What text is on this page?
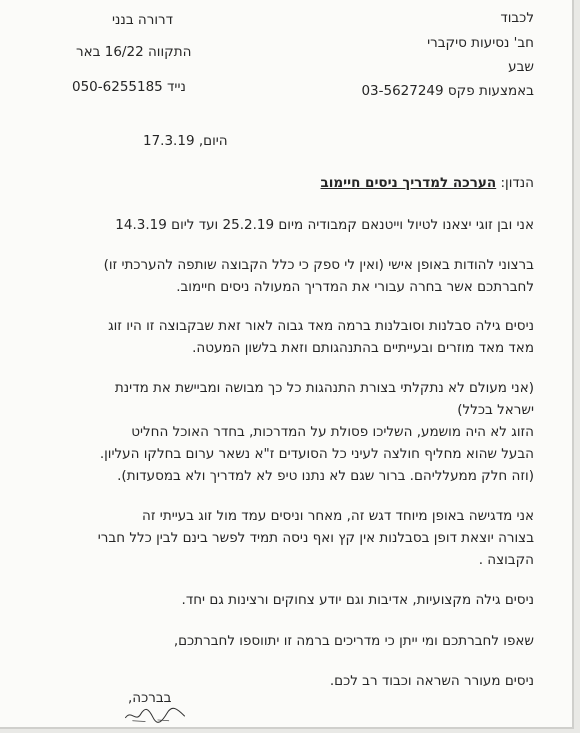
לכבוד
חב' נסיעות סיקברי
שבע
באמצעות פקס 03-5627249
דרורה בנני
התקווה 16/22 באר
נייד 050-6255185
היום, 17.3.19
הנדון: הערכה למדריך ניסים חיימוב
אני ובן זוגי יצאנו לטיול וייטנאם קמבודיה מיום 25.2.19 ועד ליום 14.3.19
ברצוני להודות באופן אישי (ואין לי ספק כי כלל הקבוצה שותפה להערכתי זו)
לחברתכם אשר בחרה עבורי את המדריך המעולה ניסים חיימוב.
ניסים גילה סבלנות וסובלנות ברמה מאד גבוה לאור זאת שבקבוצה זו היו זוג
מאד מאד מוזרים ובעייתיים בהתנהגותם וזאת בלשון המעטה.
(אני מעולם לא נתקלתי בצורת התנהגות כל כך מבושה ומביישת את מדינת
ישראל בכלל)
הזוג לא היה מושמע, השליכו פסולת על המדרכות, בחדר האוכל החליט
הבעל שהוא מחליף חולצה לעיני כל הסועדים ז"א נשאר ערום בחלקו העליון.
(וזה חלק ממעלליהם. ברור שגם לא נתנו טיפ לא למדריך ולא במסעדות).
אני מדגישה באופן מיוחד דגש זה, מאחר וניסים עמד מול זוג בעייתי זה
בצורה יוצאת דופן בסבלנות אין קץ ואף ניסה תמיד לפשר בינם לבין כלל חברי
הקבוצה .
ניסים גילה מקצועיות, אדיבות וגם יודע צחוקים ורצינות גם יחד.
שאפו לחברתכם ומי ייתן כי מדריכים ברמה זו יתווספו לחברתכם,
ניסים מעורר השראה וכבוד רב לכם.
בברכה,
